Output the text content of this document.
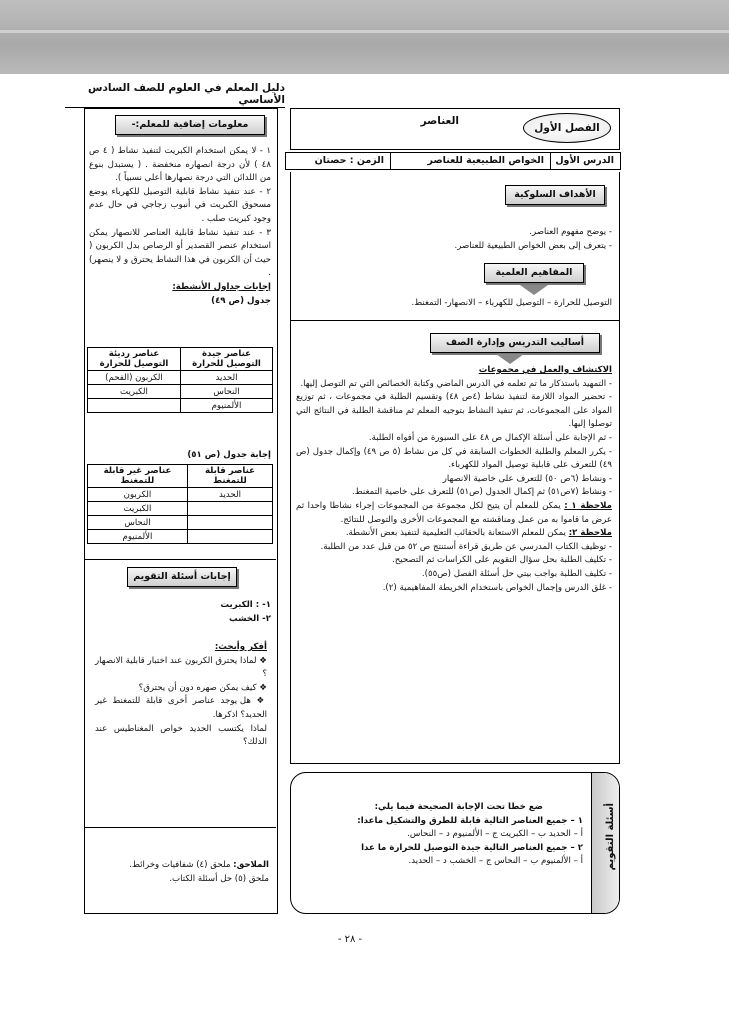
دليل المعلم في العلوم للصف السادس الأساسي
الفصل الأول
العناصر
الدرس الأول
الخواص الطبيعية للعناصر
الزمن : حصتان
الأهداف السلوكية

- يوضح مفهوم العناصر.

- يتعرف إلى بعض الخواص الطبيعية للعناصر.

المفاهيم العلمية
التوصيل للحرارة – التوصيل للكهرباء – الانصهار- التمغنط.
أساليب التدريس وإدارة الصف

الاكتشاف والعمل في مجموعات

- التمهيد باستذكار ما تم تعلمه في الدرس الماضي وكتابة الخصائص التي تم التوصل إليها.

- تحضير المواد اللازمة لتنفيذ نشاط (٤ص ٤٨) وتقسيم الطلبة في مجموعات ، ثم توزيع المواد على المجموعات، ثم تنفيذ النشاط بتوجيه المعلم ثم مناقشة الطلبة في النتائج التي توصلوا إليها.

- ثم الإجابة على أسئلة الإكمال ص ٤٨ على السبورة من أفواه الطلبة.

- يكرر المعلم والطلبة الخطوات السابقة في كل من نشاط (٥ ص ٤٩) وإكمال جدول (ص ٤٩) للتعرف على قابلية توصيل المواد للكهرباء.

- ونشاط (٦ص ٥٠) للتعرف على خاصية الانصهار

- ونشاط (٧ص٥١) ثم إكمال الجدول (ص٥١) للتعرف على خاصية التمغنط.

ملاحظة ١ : يمكن للمعلم أن يتيح لكل مجموعة من المجموعات إجراء نشاطا واحدا ثم عرض ما قاموا به من عمل ومناقشته مع المجموعات الأخرى والتوصل للنتائج.

ملاحظة ٢: يمكن للمعلم الاستعانة بالحقائب التعليمية لتنفيذ بعض الأنشطة.

- توظيف الكتاب المدرسي عن طريق قراءة أستنتج ص ٥٢ من قبل عدد من الطلبة.

- تكليف الطلبة بحل سؤال التقويم على الكراسات ثم التصحيح.

- تكليف الطلبة بواجب بيتي حل أسئلة الفصل (ص٥٥).

- غلق الدرس وإجمال الخواص باستخدام الخريطة المفاهيمية (٢).

أسئلة التقويم

ضع خطا تحت الإجابة الصحيحة فيما يلي:

١ – جميع العناصر التالية قابلة للطرق والتشكيل ماعدا:

أ – الحديد ب – الكبريت ج – الألمنيوم د – النحاس.

٢ – جميع العناصر التالية جيدة التوصيل للحرارة ما عدا

أ – الألمنيوم ب – النحاس ج – الخشب د – الحديد.

معلومات إضافية للمعلم:-

١ - لا يمكن استخدام الكبريت لتنفيذ نشاط ( ٤ ص ٤٨ ) لأن درجة انصهاره منخفضة . ( يستبدل بنوع من اللدائن التي درجة نصهارها أعلى نسبياً ).

٢ - عند تنفيذ نشاط قابلية التوصيل للكهرباء يوضع مسحوق الكبريت في أنبوب زجاجي في حال عدم وجود كبريت صلب .

٣ - عند تنفيذ نشاط قابلية العناصر للانصهار يمكن استخدام عنصر القصدير أو الرصاص بدل الكربون ( حيث أن الكربون في هذا النشاط يحترق و لا ينصهر) .

إجابات جداول الأنشطة:

جدول (ص ٤٩)

عناصر جيدة التوصيل للحرارة	عناصر رديئة التوصيل للحرارة
الحديد	الكربون (الفحم)
النحاس	الكبريت
الألمنيوم	
إجابة جدول (ص ٥١)
عناصر قابلة للتمغنط	عناصر غير قابلة للتمغنط
الحديد	الكربون
	الكبريت
	النحاس
	الألمنيوم
إجابات أسئلة التقويم

١- : الكبريت

٢- الخشب

أفكر وأبحث:

❖ لماذا يحترق الكربون عند اختبار قابلية الانصهار ؟

❖ كيف يمكن صهره دون أن يحترق؟

❖ هل يوجد عناصر أخرى قابلة للتمغنط غير الحديد؟ اذكرها.

لماذا يكتسب الحديد خواص المغناطيس عند الدلك؟

الملاحق: ملحق (٤) شفافيات وخرائط.

ملحق (٥) حل أسئلة الكتاب.

- ٢٨ -
